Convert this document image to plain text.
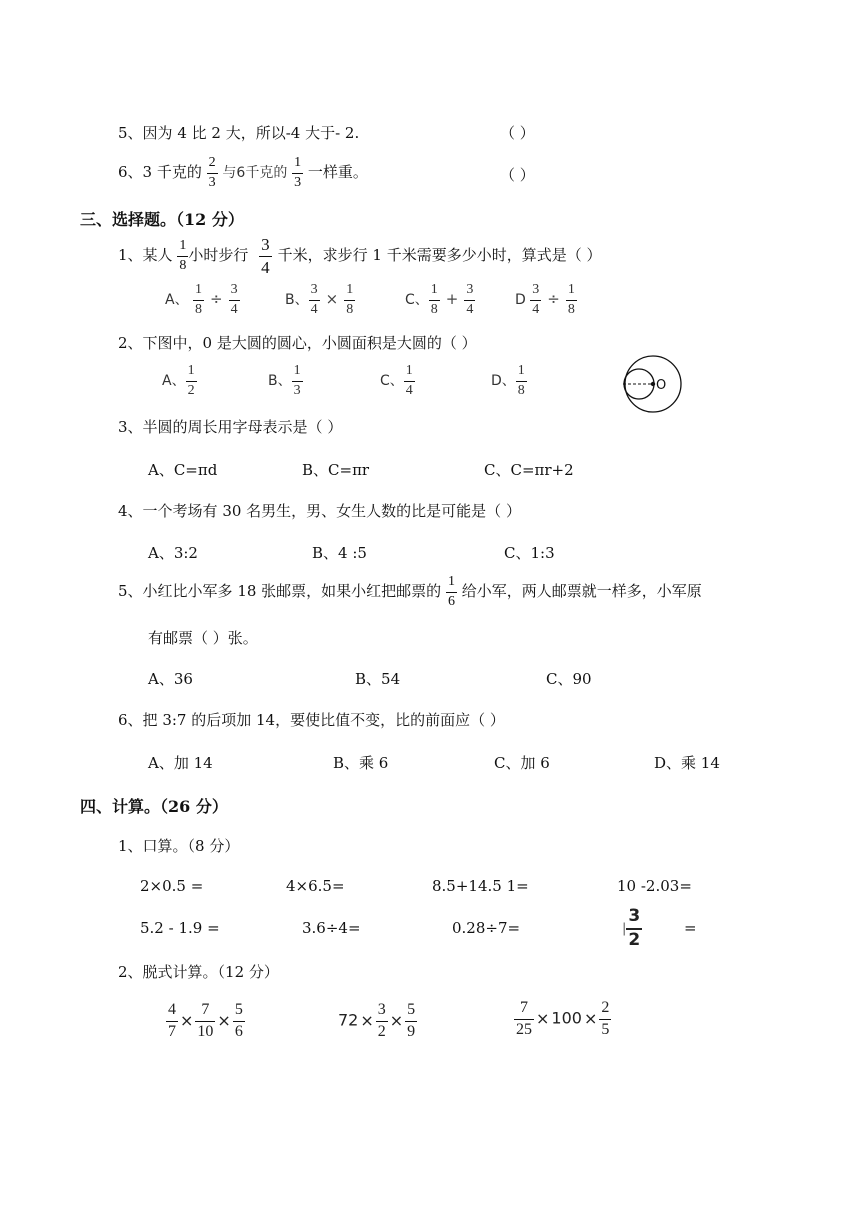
5、因为 4 比 2 大，所以-4 大于- 2.	（ ）
6、3 千克的 $\frac{2}{3}$ 与6千克的 $\frac{1}{3}$ 一样重。	（ ）
三、选择题。（12 分）
1、某人 $\frac{1}{8}$ 小时步行 $\frac{3}{4}$ 千米，求步行 1 千米需要多少小时，算式是（ ）
A、 $\frac{1}{8} \div \frac{3}{4}$	B、 $\frac{3}{4} \times \frac{1}{8}$	C、 $\frac{1}{8} + \frac{3}{4}$	D $\frac{3}{4} \div \frac{1}{8}$
2、下图中，0 是大圆的圆心，小圆面积是大圆的（ ）
A、 $\frac{1}{2}$	B、 $\frac{1}{3}$	C、 $\frac{1}{4}$	D、 $\frac{1}{8}$	O
3、半圆的周长用字母表示是（ ）
A、C=πd	B、C=πr	C、C=πr+2
4、一个考场有 30 名男生，男、女生人数的比是可能是（ ）
A、3:2	B、4 :5	C、1:3
5、小红比小军多 18 张邮票，如果小红把邮票的 $\frac{1}{6}$ 给小军，两人邮票就一样多，小军原
有邮票（ ）张。
A、36	B、54	C、90
6、把 3:7 的后项加 14，要使比值不变，比的前面应（ ）
A、加 14	B、乘 6	C、加 6	D、乘 14
四、计算。（26 分）
1、口算。（8 分）
2×0.5 =	4×6.5=	8.5+14.5 1=	10 -2.03=
5.2 - 1.9 =	3.6÷4=	0.28÷7=	| $\frac{3}{2}$	=
2、脱式计算。（12 分）
$\frac{4}{7} \times \frac{7}{10} \times \frac{5}{6}$	$72 \times \frac{3}{2} \times \frac{5}{9}$	$\frac{7}{25} \times 100 \times \frac{2}{5}$
